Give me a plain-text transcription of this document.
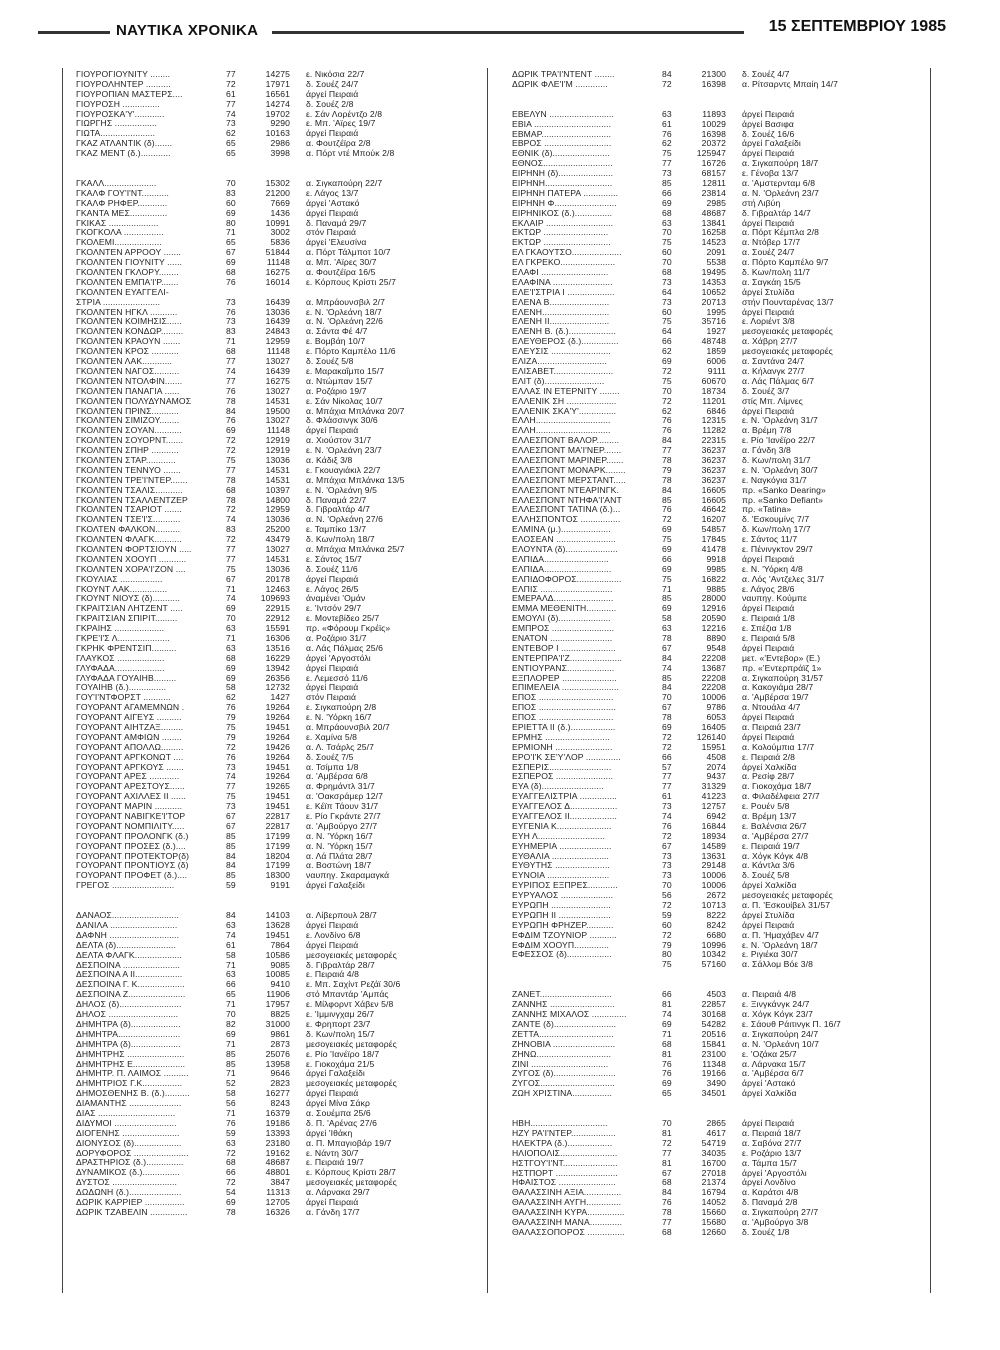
ΝΑΥΤΙΚΑ ΧΡΟΝΙΚΑ	15 ΣΕΠΤΕΜΒΡΙΟΥ 1985
ΓΙΟΥΡΟΓΙΟΥΝΙΤΥ ........	77	14275 ε. Νικόσια 22/7
ΓΙΟΥΡΟΛΗΝΤΕΡ ..........	72	17971 δ. Σουέζ 24/7
ΓΙΟΥΡΟΠΙΑΝ ΜΑΣΤΕΡΣ....	61	16561 άργεί Πειραιά
ΓΙΟΥΡΟΣΗ ...............	77	14274 δ. Σουέζ 2/8
ΓΙΟΥΡΟΣΚΑ'Υ'............	74	19702 ε. Σάν Λορέντζο 2/8
ΓΙΩΡΓΗΣ .................	73	9290 ε. Μπ. 'Αϊρες 19/7
ΓΙΩΤΑ......................	62	10163 άργεί Πειραιά
ΓΚΑΖ ΑΤΛΑΝΤΙΚ (δ).......	65	2986 α. Φουτζέϊρα 2/8
ΓΚΑΖ ΜΕΝΤ (δ.)............	65	3998 α. Πόρτ ντέ Μπούκ 2/8
ΓΚΑΛΛ.....................	70	15302 α. Σιγκαπούρη 22/7
ΓΚΑΛΦ ΓΟΥ'Ι'ΝΤ...........	83	21200 ε. Λάγος 13/7
ΓΚΑΛΦ ΡΗΦΕΡ............	60	7669 άργεί 'Αστακό
ΓΚΑΝΤΑ ΜΕΣ...............	69	1436 άργεί Πειραιά
ΓΚΙΚΑΣ ....................	80	10991 δ. Παναμά 29/7
ΓΚΟΓΚΟΛΑ ................	71	3002 στόν Πειραιά
ΓΚΟΛΕΜΙ...................	65	5836 άργεί 'Ελευσίνα
ΓΚΟΛΝΤΕΝ ΑΡΡΟΟΥ .......	67	51844 α. Πόρτ Τάλμποτ 10/7
ΓΚΟΛΝΤΕΝ ΓΙΟΥΝΙΤΥ ......	69	11148 α. Μπ. 'Αϊρες 30/7
ΓΚΟΛΝΤΕΝ ΓΚΛΟΡΥ........	68	16275 α. Φουτζέϊρα 16/5
ΓΚΟΛΝΤΕΝ ΕΜΠΑ'Ι'Ρ.......	76	16014 ε. Κόρπους Κρίστι 25/7
ΓΚΟΛΝΤΕΝ ΕΥΑΓΓΕΛΙ-
ΣΤΡΙΑ .......................	73	16439 α. Μπράουνσβιλ 2/7
ΓΚΟΛΝΤΕΝ ΗΓΚΛ ...........	76	13036 ε. Ν. 'Ορλεάνη 18/7
ΓΚΟΛΝΤΕΝ ΚΟΙΜΗΣΙΣ......	73	16439 α. Ν. 'Ορλεάνη 22/6
ΓΚΟΛΝΤΕΝ ΚΟΝΔΩΡ.........	83	24843 α. Σάντα Φέ 4/7
ΓΚΟΛΝΤΕΝ ΚΡΑΟΥΝ .......	71	12959 ε. Βομβάη 10/7
ΓΚΟΛΝΤΕΝ ΚΡΟΣ ...........	68	11148 ε. Πόρτο Καμπέλο 11/6
ΓΚΟΛΝΤΕΝ ΛΑΚ............	77	13027 δ. Σουέζ 5/8
ΓΚΟΛΝΤΕΝ ΝΑΓΟΣ..........	74	16439 ε. Μαρακαΐμπο 15/7
ΓΚΟΛΝΤΕΝ ΝΤΟΛΦΙΝ.......	77	16275 α. Ντώμπαν 15/7
ΓΚΟΛΝΤΕΝ ΠΑΝΑΓΙΑ ......	76	13027 α. Ροζάριο 19/7
ΓΚΟΛΝΤΕΝ ΠΟΛΥΔΥΝΑΜΟΣ	78	14531 ε. Σάν Νίκολας 10/7
ΓΚΟΛΝΤΕΝ ΠΡΙΝΣ...........	84	19500 α. Μπάχια Μπλάνκα 20/7
ΓΚΟΛΝΤΕΝ ΣΙΜΙΖΟΥ........	76	13027 δ. Φλάσσινγκ 30/6
ΓΚΟΛΝΤΕΝ ΣΟΥΑΝ...........	69	11148 άργεί Πειραιά
ΓΚΟΛΝΤΕΝ ΣΟΥΟΡΝΤ.......	72	12919 α. Χιούστον 31/7
ΓΚΟΛΝΤΕΝ ΣΠΗΡ ...........	72	12919 ε. Ν. 'Ορλεάνη 23/7
ΓΚΟΛΝΤΕΝ ΣΤΑΡ............	75	13036 α. Κάδιξ 3/8
ΓΚΟΛΝΤΕΝ ΤΕΝΝΥΟ .......	77	14531 ε. Γκουαγιάκιλ 22/7
ΓΚΟΛΝΤΕΝ ΤΡΕ'Ι'ΝΤΕΡ.......	78	14531 α. Μπάχια Μπλάνκα 13/5
ΓΚΟΛΝΤΕΝ ΤΣΑΛΙΣ...........	68	10397 ε. Ν. 'Ορλεάνη 9/5
ΓΚΟΛΝΤΕΝ ΤΣΑΛΛΕΝΤΖΕΡ	78	14800 δ. Παναμά 22/7
ΓΚΟΛΝΤΕΝ ΤΣΑΡΙΟΤ .......	72	12959 δ. Γιβραλτάρ 4/7
ΓΚΟΛΝΤΕΝ ΤΣΕ'Ι'Σ...........	74	13036 α. Ν. 'Ορλεάνη 27/6
ΓΚΟΛΤΕΝ ΦΑΛΚΟΝ..........	83	25200 ε. Ταμπίκο 13/7
ΓΚΟΛΝΤΕΝ ΦΛΑΓΚ...........	72	43479 δ. Κων/πολη 18/7
ΓΚΟΛΝΤΕΝ ΦΟΡΤΣΙΟΥΝ .....	77	13027 α. Μπάχια Μπλάνκα 25/7
ΓΚΟΛΝΤΕΝ ΧΟΟΥΠ ...........	77	14531 ε. Σάντος 15/7
ΓΚΟΛΝΤΕΝ ΧΟΡΑ'Ι'ΖΟΝ ....	75	13036 δ. Σουέζ 11/6
ΓΚΟΥΛΙΑΣ .................	67	20178 άργεί Πειραιά
ΓΚΟΥΝΤ ΛΑΚ...............	71	12463 ε. Λάγος 26/5
ΓΚΟΥΝΤ ΝΙΟΥΣ (δ)...........	74	109693 άναμένει 'Ομάν
ΓΚΡΑΙΤΣΙΑΝ ΛΗΤΖΕΝΤ .....	69	22915 ε. 'Ιντσόν 29/7
ΓΚΡΑΙΤΣΙΑΝ ΣΠΙΡΙΤ.........	70	22912 ε. Μοντεβίδεο 25/7
ΓΚΡΑΙΗΣ ....................	63	15591 πρ. «Φόρουμ Γκρέϊς»
ΓΚΡΕ'Ι'Σ Λ.....................	71	16306 α. Ροζάριο 31/7
ΓΚΡΗΚ ΦΡΕΝΤΣΙΠ..........	63	13516 α. Λάς Πάλμας 25/6
ΓΛΑΥΚΟΣ ...................	68	16229 άργεί 'Αργοστόλι
ΓΛΥΦΑΔΑ....................	69	13942 άργεί Πειραιά
ΓΛΥΦΑΔΑ ΓΟΥΑΙΗΒ.........	69	26356 ε. Λεμεσσό 11/6
ΓΟΥΑΙΗΒ (δ.)...............	58	12732 άργεί Πειραιά
ΓΟΥ'Ι'ΝΤΦΟΡΣΤ ...........	62	1427 στόν Πειραιά
ΓΟΥΟΡΑΝΤ ΑΓΑΜΕΜΝΩΝ .	76	19264 ε. Σιγκαπούρη 2/8
ΓΟΥΟΡΑΝΤ ΑΙΓΕΥΣ ..........	79	19264 ε. Ν. 'Υόρκη 16/7
ΓΟΥΟΡΑΝΤ ΑΙΗΤΖΑΞ.........	75	19451 α. Μπράουνσβιλ 20/7
ΓΟΥΟΡΑΝΤ ΑΜΦΙΩΝ ........	79	19264 ε. Χαμίνα 5/8
ΓΟΥΟΡΑΝΤ ΑΠΟΛΛΩ.........	72	19426 α. Λ. Τσάρλς 25/7
ΓΟΥΟΡΑΝΤ ΑΡΓΚΟΝΩΤ ....	76	19264 δ. Σουέζ 7/5
ΓΟΥΟΡΑΝΤ ΑΡΓΚΟΥΣ .......	73	19451 α. Τσίμπα 1/8
ΓΟΥΟΡΑΝΤ ΑΡΕΣ ............	74	19264 α. 'Αμβέρσα 6/8
ΓΟΥΟΡΑΝΤ ΑΡΕΣΤΟΥΣ......	77	19265 α. Φρημάντλ 31/7
ΓΟΥΟΡΑΝΤ ΑΧΙΛΛΕΣ ΙΙ ......	75	19451 α. 'Οακσράμερ 12/7
ΓΟΥΟΡΑΝΤ ΜΑΡΙΝ ...........	73	19451 ε. Κέϊπ Τάουν 31/7
ΓΟΥΟΡΑΝΤ ΝΑΒΙΓΚΕ'Ι'ΤΟΡ	67	22817 ε. Ρίο Γκράντε 27/7
ΓΟΥΟΡΑΝΤ ΝΟΜΠΙΛΙΤΥ.....	67	22817 α. 'Αμβούργο 27/7
ΓΟΥΟΡΑΝΤ ΠΡΟΛΟΝΓΚ (δ.)	85	17199 α. Ν. 'Υόρκη 16/7
ΓΟΥΟΡΑΝΤ ΠΡΟΣΕΣ (δ.)....	85	17199 α. Ν. 'Υόρκη 15/7
ΓΟΥΟΡΑΝΤ ΠΡΟΤΕΚΤΟΡ(δ)	84	18204 α. Λά Πλάτα 28/7
ΓΟΥΟΡΑΝΤ ΠΡΟΝΤΙΟΥΣ (δ)	84	17199 α. Βοστώνη 18/7
ΓΟΥΟΡΑΝΤ ΠΡΟΦΕΤ (δ.)....	85	18300 ναυπηγ. Σκαραμαγκά
ΓΡΕΓΟΣ .........................	59	9191 άργεί Γαλαξείδι
ΔΑΝΑΟΣ...........................	84	14103 α. Λίβερπουλ 28/7
ΔΑΝΙΛΑ ...........................	63	13628 άργεί Πειραιά
ΔΑΦΝΗ ............................	74	19451 ε. Λονδίνο 6/8
ΔΕΛΤΑ (δ)........................	61	7864 άργεί Πειραιά
ΔΕΛΤΑ ΦΛΑΓΚ...................	58	10586 μεσογειακές μεταφορές
ΔΕΣΠΟΙΝΑ .......................	71	9085 δ. Γιβραλτάρ 28/7
ΔΕΣΠΟΙΝΑ Α ΙΙ...................	63	10085 ε. Πειραιά 4/8
ΔΕΣΠΟΙΝΑ Γ. Κ...................	66	9410 ε. Μπ. Σαχίντ Ρεζάϊ 30/6
ΔΕΣΠΟΙΝΑ Ζ.......................	65	11906 στό Μπαντάρ 'Αμπάς
ΔΗΛΟΣ (δ).........................	71	17957 ε. Μίλφορντ Χάβεν 5/8
ΔΗΛΟΣ ............................	70	8825 ε. 'Ιμμινγχαμ 26/7
ΔΗΜΗΤΡΑ (δ)....................	82	31000 ε. Φρηπορτ 23/7
ΔΗΜΗΤΡΑ.........................	69	9861 δ. Κων/πολη 15/7
ΔΗΜΗΤΡΑ (δ)....................	71	2873 μεσογειακές μεταφορές
ΔΗΜΗΤΡΗΣ .......................	85	25076 ε. Ρίο 'Ιανέϊρο 18/7
ΔΗΜΗΤΡΗΣ Ε.....................	85	13958 ε. Γιοκοχάμα 21/5
ΔΗΜΗΤΡ. Π. ΛΑΙΜΟΣ ..........	71	9646 άργεί Γαλαξείδι
ΔΗΜΗΤΡΙΟΣ Γ.Κ................	52	2823 μεσογειακές μεταφορές
ΔΗΜΟΣΘΕΝΗΣ Β. (δ.)..........	58	16277 άργεί Πειραιά
ΔΙΑΜΑΝΤΗΣ .....................	56	8243 άργεί Μίνα Σάκρ
ΔΙΑΣ ...............................	71	16379 α. Σουέμπα 25/6
ΔΙΔΥΜΟΙ .........................	76	19186 δ. Π. 'Αρένας 27/6
ΔΙΟΓΕΝΗΣ .......................	59	13393 άργεί 'Ιθάκη
ΔΙΟΝΥΣΟΣ (δ)...................	63	23180 α. Π. Μπαγιοβάρ 19/7
ΔΟΡΥΦΟΡΟΣ ......................	72	19162 ε. Νάντη 30/7
ΔΡΑΣΤΗΡΙΟΣ (δ.)...............	68	48687 ε. Πειραιά 19/7
ΔΥΝΑΜΙΚΟΣ (δ.)...............	66	48801 ε. Κόρπους Κρίστι 28/7
ΔΥΣΤΟΣ ..........................	72	3847 μεσογειακές μεταφορές
ΔΩΔΩΝΗ (δ.).....................	54	11313 α. Λάρνακα 29/7
ΔΩΡΙΚ ΚΑΡΡΙΕΡ ................	69	12705 άργεί Πειραιά
ΔΩΡΙΚ ΤΖΑΒΕΛΙΝ ...............	78	16326 α. Γάνδη 17/7
ΔΩΡΙΚ ΤΡΑ'Ι'ΝΤΕΝΤ ........	84	21300 δ. Σουέζ 4/7
ΔΩΡΙΚ ΦΛΕ'Ι'Μ .............	72	16398 α. Ρίτσαρντς Μπαίη 14/7
ΕΒΕΛΥΝ ..........................	63	11893 άργεί Πειραιά
ΕΒΙΑ ...............................	61	10029 άργεί Βασιφα
ΕΒΜΑΡ............................	76	16398 δ. Σουέζ 16/6
ΕΒΡΟΣ ...........................	62	20372 άργεί Γαλαξείδι
ΕΘΝΙΚ (δ).......................	75	125947 άργεί Πειραιά
ΕΘΝΟΣ............................	77	16726 α. Σιγκαπούρη 18/7
ΕΙΡΗΝΗ (δ)......................	73	68157 ε. Γένοβα 13/7
ΕΙΡΗΝΗ...........................	85	12811 α. 'Αμστερνταμ 6/8
ΕΙΡΗΝΗ ΠΑΤΕΡΑ ..............	66	23814 α. Ν. 'Ορλεάνη 23/7
ΕΙΡΗΝΗ Φ.........................	69	2985 στή Λιβύη
ΕΙΡΗΝΙΚΟΣ (δ.)...............	68	48687 δ. Γιβραλτάρ 14/7
ΕΚΛΑΙΡ ...........................	63	13841 άργεί Πειραιά
ΕΚΤΩΡ ..........................	70	16258 α. Πόρτ Κέμπλα 2/8
ΕΚΤΩΡ ...........................	75	14523 α. Ντόβερ 17/7
ΕΛ ΓΚΑΟΥΤΣΟ....................	60	2091 α. Σουέζ 24/7
ΕΛ ΓΚΡΕΚΟ......................	70	5538 α. Πόρτο Καμπέλο 9/7
ΕΛΑΦΙ ...........................	68	19495 δ. Κων/πολη 11/7
ΕΛΑΦΙΝΑ ........................	73	14353 α. Σαγκάη 15/5
ΕΛΕ'Ι'ΣΤΡΙΑ Ι ...................	64	10652 άργεί Στυλίδα
ΕΛΕΝΑ Β........................	73	20713 στήν Πουνταρένας 13/7
ΕΛΕΝΗ...........................	60	1995 άργεί Πειραιά
ΕΛΕΝΗ ΙΙ........................	75	35716 ε. Λοριέντ 3/8
ΕΛΕΝΗ Β. (δ.)...................	64	1927 μεσογειακές μεταφορές
ΕΛΕΥΘΕΡΟΣ (δ.)...............	66	48748 α. Χάβρη 27/7
ΕΛΕΥΣΙΣ ........................	62	1859 μεσογειακές μεταφορές
ΕΛΙΖΑ............................	69	6006 α. Σαντάνα 24/7
ΕΛΙΣΑΒΕΤ........................	72	9111 α. Κήλανγκ 27/7
ΕΛΙΤ (δ)........................	75	60670 α. Λάς Πάλμας 6/7
ΕΛΛΑΣ ΙΝ ΕΤΕΡΝΙΤΥ ........	70	18734 δ. Σουέζ 3/7
ΕΛΛΕΝΙΚ ΣΗ ....................	72	11201 στίς Μπ. Λίμνες
ΕΛΛΕΝΙΚ ΣΚΑ'Υ'...............	62	6846 άργεί Πειραιά
ΕΛΛΗ..............................	76	12315 ε. Ν. 'Ορλεάνη 31/7
ΕΛΛΗ..............................	76	11282 α. Βρέμη 7/8
ΕΛΛΕΣΠΟΝΤ ΒΑΛΟΡ.........	84	22315 ε. Ρίο 'Ιανέϊρο 22/7
ΕΛΛΕΣΠΟΝΤ ΜΑ'Ι'ΝΕΡ.......	77	36237 α. Γάνδη 3/8
ΕΛΛΕΣΠΟΝΤ ΜΑΡΙΝΕΡ.......	78	36237 δ. Κων/πολη 31/7
ΕΛΛΕΣΠΟΝΤ ΜΟΝΑΡΚ........	79	36237 ε. Ν. 'Ορλεάνη 30/7
ΕΛΛΕΣΠΟΝΤ ΜΕΡΣΤΑΝΤ.....	78	36237 ε. Ναγκόγια 31/7
ΕΛΛΕΣΠΟΝΤ ΝΤΕΑΡΙΝΓΚ.	84	16605 πρ. «Sanko Dearing»
ΕΛΛΕΣΠΟΝΤ ΝΤΗΦΑ'Ι'ΑΝΤ	85	16605 πρ. «Sanko Defiant»
ΕΛΛΕΣΠΟΝΤ ΤΑΤΙΝΑ (δ.)...	76	46642 πρ. «Tatina»
ΕΛΛΗΣΠΟΝΤΟΣ ................	72	16207 δ. 'Εσκουμίνς 7/7
ΕΛΜΙΝΑ (μ.)....................	69	54857 δ. Κων/πολη 17/7
ΕΛΟΣΕΑΝ ........................	75	17845 ε. Σάντος 11/7
ΕΛΟΥΝΤΑ (δ).....................	69	41478 ε. Πένινγκτον 29/7
ΕΛΠΙΔΑ..........................	66	9918 άργεί Πειραιά
ΕΛΠΙΔΑ...........................	69	9985 ε. Ν. 'Υόρκη 4/8
ΕΛΠΙΔΟΦΟΡΟΣ..................	75	16822 α. Λός 'Αντζελες 31/7
ΕΛΠΙΣ .............................	71	9885 ε. Λάγος 28/6
ΕΜΕΡΑΛΔ........................	85	28000 ναυπηγ. Κούμπε
ΕΜΜΑ ΜΕΘΕΝΙΤΗ............	69	12916 άργεί Πειραιά
ΕΜΟΥΛΙ (δ).....................	58	20590 ε. Πειραιά 1/8
ΕΜΠΡΟΣ .........................	63	12216 ε. Σπέζια 1/8
ΕΝΑΤΟΝ .........................	78	8890 ε. Πειραιά 5/8
ΕΝΤΕΒΟΡ I ......................	67	9548 άργεί Πειραιά
ΕΝΤΕΡΠΡΑ'Ι'Ζ.....................	84	22208 μετ. «'Εντεβορ» (Ε.)
ΕΝΤΙΟΥΡΑΝΣ...................	74	13687 πρ. «'Εντερπράϊζ 1»
ΕΞΠΛΟΡΕΡ ......................	85	22208 α. Σιγκαπούρη 31/57
ΕΠΙΜΕΛΕΙΑ .......................	84	22208 α. Κακογιάμα 28/7
ΕΠΟΣ ..............................	70	10006 α. 'Αμβέρσα 19/7
ΕΠΟΣ ...............................	67	9786 α. Ντουάλα 4/7
ΕΠΟΣ ..............................	78	6053 άργεί Πειραιά
ΕΡΙΕΤΤΑ ΙΙ (δ.)..................	69	16405 α. Πειραιά 23/7
ΕΡΜΗΣ ..........................	72	126140 άργεί Πειραιά
ΕΡΜΙΟΝΗ .......................	72	15951 α. Κολούμπια 17/7
ΕΡΟ'Ι'Κ ΣΕ'Υ'ΛΟΡ ..............	66	4508 ε. Πειραιά 2/8
ΕΣΠΕΡΙΣ.........................	57	2074 άργεί Χαλκίδα
ΕΣΠΕΡΟΣ .......................	77	9437 α. Ρεσίφ 28/7
ΕΥΑ (δ).........................	77	31329 α. Γιοκοχάμα 18/7
ΕΥΑΓΓΕΛΙΣΤΡΙΑ ...............	61	41223 α. Φιλαδέλφεια 27/7
ΕΥΑΓΓΕΛΟΣ Δ...................	73	12757 ε. Ρουέν 5/8
ΕΥΑΓΓΕΛΟΣ ΙΙ...................	74	6942 α. Βρέμη 13/7
ΕΥΓΕΝΙΑ Κ......................	76	16844 ε. Βαλένσια 26/7
ΕΥΗ Λ...........................	72	18934 α. 'Αμβέρσα 27/7
ΕΥΗΜΕΡΙΑ .....................	67	14589 ε. Πειραιά 19/7
ΕΥΘΑΛΙΑ .......................	73	13631 α. Χόγκ Κόγκ 4/8
ΕΥΘΥΤΗΣ ......................	73	29148 α. Κάντλα 3/6
ΕΥΝΟΙΑ .........................	73	10006 δ. Σουέζ 5/8
ΕΥΡΙΠΟΣ ΕΞΠΡΕΣ............	70	10006 άργεί Χαλκίδα
ΕΥΡΥΑΛΟΣ .....................	56	2672 μεσογειακές μεταφορές
ΕΥΡΩΠΗ ........................	72	10713 α. Π. 'Εσκουίβελ 31/57
ΕΥΡΩΠΗ ΙΙ .....................	59	8222 άργεί Στυλίδα
ΕΥΡΩΠΗ ΦΡΗΖΕΡ...........	60	8242 άργεί Πειραιά
ΕΦΔΙΜ ΤΖΟΥΝΙΟΡ ...........	72	6680 α. Π. 'Ημαχάβεν 4/7
ΕΦΔΙΜ ΧΟΟΥΠ..............	79	10996 ε. Ν. 'Ορλεάνη 18/7
ΕΦΕΣΣΟΣ (δ)..................	80	10342 ε. Ριγιέκα 30/7
75	57160 α. Σάλλομ Βόε 3/8
ΖΑΝΕΤ.............................	66	4503 α. Πειραιά 4/8
ΖΑΝΝΗΣ ..........................	81	22857 ε. Ξινγκάνγκ 24/7
ΖΑΝΝΗΣ ΜΙΧΑΛΟΣ ..............	74	30168 α. Χόγκ Κόγκ 23/7
ΖΑΝΤΕ (δ).........................	69	54282 ε. Σάουθ Ράιτινγκ Π. 16/7
ΖΕΤΤΑ..............................	71	20516 α. Σιγκαπούρη 24/7
ΖΗΝΟΒΙΑ .........................	68	15841 α. Ν. 'Ορλεάνη 10/7
ΖΗΝΩ..............................	81	23100 ε. 'Οζάκα 25/7
ΖΙΝΙ ...............................	76	11348 α. Λάρνακα 15/7
ΖΥΓΟΣ (δ).........................	76	19166 α. 'Αμβέρσα 6/7
ΖΥΓΟΣ..............................	69	3490 άργεί 'Αστακό
ΖΩΗ ΧΡΙΣΤΙΝΑ................	65	34501 άργεί Χαλκίδα
ΗΒΗ...............................	70	2865 άργεί Πειραιά
ΗΖΥ ΡΑ'Ι'ΝΤΕΡ..................	81	4617 α. Πειραιά 18/7
ΗΛΕΚΤΡΑ (δ.)..................	72	54719 α. Σαβόνα 27/7
ΗΛΙΟΠΟΛΙΣ.......................	77	34035 ε. Ροζάριο 13/7
ΗΣΤΓΟΥ'Ι'ΝΤ......................	81	16700 α. Τάμπα 15/7
ΗΣΤΠΟΡΤ .........................	67	27018 άργεί 'Αργοστόλι
ΗΦΑΙΣΤΟΣ .......................	68	21374 άργεί Λονδίνο
ΘΑΛΑΣΣΙΝΗ ΑΞΙΑ...............	84	16794 α. Καράτσι 4/8
ΘΑΛΑΣΣΙΝΗ ΑΥΓΗ..............	76	14052 δ. Παναμά 2/8
ΘΑΛΑΣΣΙΝΗ ΚΥΡΑ...............	78	15660 α. Σιγκαπούρη 27/7
ΘΑΛΑΣΣΙΝΗ ΜΑΝΑ.............	77	15680 α. 'Αμβούργο 3/8
ΘΑΛΑΣΣΟΠΟΡΟΣ ...............	68	12660 δ. Σουέζ 1/8
